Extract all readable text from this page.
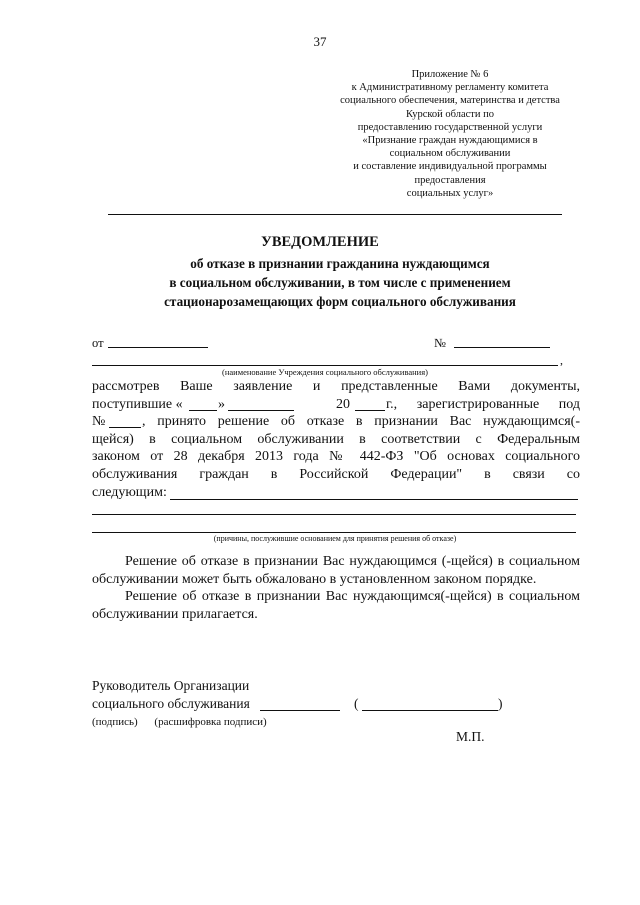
37
Приложение № 6
к Административному регламенту комитета
социального обеспечения, материнства и детства
Курской области по
предоставлению государственной услуги
«Признание граждан нуждающимися в
социальном обслуживании
и составление индивидуальной программы
предоставления
социальных услуг»
УВЕДОМЛЕНИЕ
об отказе в признании гражданина нуждающимся
в социальном обслуживании, в том числе с применением
стационарозамещающих форм социального обслуживания
от	№
,
(наименование Учреждения социального обслуживания)
рассмотрев Ваше заявление и представленные Вами документы,
поступившие «	»	20	г., зарегистрированные под
№	, принято решение об отказе в признании Вас нуждающимся(-
щейся) в социальном обслуживании в соответствии с Федеральным
законом от 28 декабря 2013 года № 442-ФЗ "Об основах социального
обслуживания граждан в Российской Федерации" в связи со
следующим:
(причины, послужившие основанием для принятия решения об отказе)

Решение об отказе в признании Вас нуждающимся (-щейся) в социальном обслуживании может быть обжаловано в установленном законом порядке.

Решение об отказе в признании Вас нуждающимся(-щейся) в социальном обслуживании прилагается.

Руководитель Организации
социального обслуживания	(	)
(подпись) (расшифровка подписи)
М.П.
